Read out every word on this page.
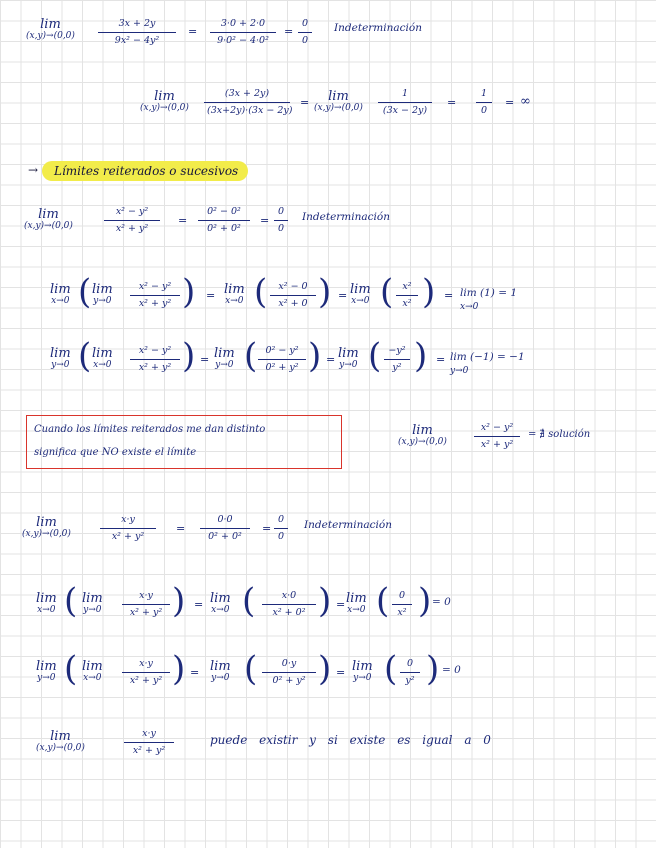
lim
$(x,y)\to(0,0) \frac{3x + 2y}{\text{9x² − 4y²}} = \frac{3\cdot 0 + 2\cdot 0}{\text{9·0² − 4·0²}} = \frac{0}{0}$ Indeterminación
lim
$(x,y)\to(0,0) \frac{(3x + 2y)}{(3x+2y)\cdot(3x - 2y)}$ =	lim
$(x,y)\to(0,0) \frac{1}{(3x - 2y)} = \frac{1}{0}$ = ∞
→	Límites reiterados o sucesivos
lim
(x,y)→(0,0)	$\frac{\text{x² − y²}}{\text{x² + y²}} = \frac{\text{0² − 0²}}{\text{0² + 0²}} = \frac{0}{0}$ Indeterminación
lim
x→0 ( lim
$y\to 0 \frac{\text{x² − y²}}{\text{x² + y²}}$ ) = lim
x→0 ( $\frac{\text{x² − 0}}{\text{x² + 0}}$ ) = lim
x→0 ( $\frac{\text{x²}}{\text{x²}}$ ) = lim (1) = 1
x→0
lim
y→0 ( lim
$x\to 0 \frac{\text{x² − y²}}{\text{x² + y²}}$ ) = lim
y→0 ( $\frac{\text{0² − y²}}{\text{0² + y²}}$ ) = lim
y→0 ( $\frac{\text{−y²}}{\text{y²}}$ ) = lim (−1) = −1
y→0
Cuando los límites reiterados me dan distinto
significa que NO existe el límite
lim
(x,y)→(0,0)	$\frac{\text{x² − y²}}{\text{x² + y²}}$ = ∄ solución
lim
(x,y)→(0,0)	$\frac{x\cdot y}{\text{x² + y²}} = \frac{0\cdot 0}{\text{0² + 0²}} = \frac{0}{0}$ Indeterminación
lim
x→0 ( lim
$y\to 0 \frac{x\cdot y}{\text{x² + y²}}$ ) = lim
x→0 ( $\frac{x\cdot 0}{\text{x² + 0²}}$ ) = lim
x→0 ( $\frac{0}{\text{x²}}$ ) = 0
lim
y→0 ( lim
$x\to 0 \frac{x\cdot y}{\text{x² + y²}}$ ) = lim
y→0 ( $\frac{0\cdot y}{\text{0² + y²}}$ ) = lim
y→0 ( $\frac{0}{\text{y²}}$ ) = 0
lim
(x,y)→(0,0)	$\frac{x\cdot y}{\text{x² + y²}}$	puede existir y si existe es igual a 0
